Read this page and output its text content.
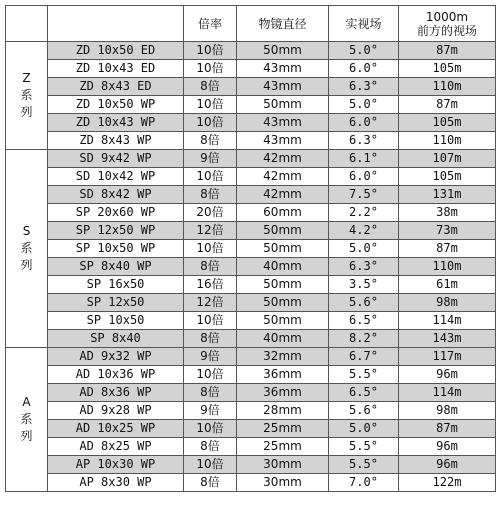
		倍率	物镜直径	实视场	1000m
前方的视场

Z
系
列	ZD 10x50 ED	10倍	50mm	5.0°	87m
	ZD 10x43 ED	10倍	43mm	6.0°	105m
	ZD 8x43 ED	8倍	43mm	6.3°	110m
	ZD 10x50 WP	10倍	50mm	5.0°	87m
	ZD 10x43 WP	10倍	43mm	6.0°	105m
	ZD 8x43 WP	8倍	43mm	6.3°	110m

S
系
列	SD 9x42 WP	9倍	42mm	6.1°	107m
	SD 10x42 WP	10倍	42mm	6.0°	105m
	SD 8x42 WP	8倍	42mm	7.5°	131m
	SP 20x60 WP	20倍	60mm	2.2°	38m
	SP 12x50 WP	12倍	50mm	4.2°	73m
	SP 10x50 WP	10倍	50mm	5.0°	87m
	SP 8x40 WP	8倍	40mm	6.3°	110m
	SP 16x50	16倍	50mm	3.5°	61m
	SP 12x50	12倍	50mm	5.6°	98m
	SP 10x50	10倍	50mm	6.5°	114m
	SP 8x40	8倍	40mm	8.2°	143m

A
系
列	AD 9x32 WP	9倍	32mm	6.7°	117m
	AD 10x36 WP	10倍	36mm	5.5°	96m
	AD 8x36 WP	8倍	36mm	6.5°	114m
	AD 9x28 WP	9倍	28mm	5.6°	98m
	AD 10x25 WP	10倍	25mm	5.0°	87m
	AD 8x25 WP	8倍	25mm	5.5°	96m
	AP 10x30 WP	10倍	30mm	5.5°	96m
	AP 8x30 WP	8倍	30mm	7.0°	122m
